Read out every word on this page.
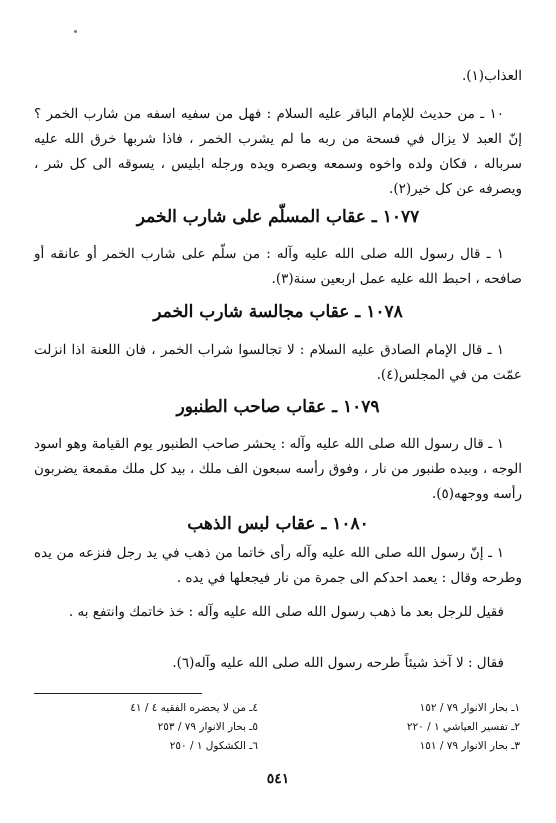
العذاب(١).
١٠ ـ من حديث للإمام الباقر عليه السلام : فهل من سفيه اسفه من شارب الخمر ؟ إنّ العبد لا يزال في فسحة من ربه ما لم يشرب الخمر ، فاذا شربها خرق الله عليه سرباله ، فكان ولده واخوه وسمعه وبصره ويده ورجله ابليس ، يسوقه الى كل شر ، ويصرفه عن كل خير(٢).
١٠٧٧ ـ عقاب المسلّم على شارب الخمر
١ ـ قال رسول الله صلى الله عليه وآله : من سلّم على شارب الخمر أو عانقه أو صافحه ، احبط الله عليه عمل اربعين سنة(٣).
١٠٧٨ ـ عقاب مجالسة شارب الخمر
١ ـ قال الإمام الصادق عليه السلام : لا تجالسوا شراب الخمر ، فان اللعنة اذا انزلت عمّت من في المجلس(٤).
١٠٧٩ ـ عقاب صاحب الطنبور
١ ـ قال رسول الله صلى الله عليه وآله : يحشر صاحب الطنبور يوم القيامة وهو اسود الوجه ، وبيده طنبور من نار ، وفوق رأسه سبعون الف ملك ، بيد كل ملك مقمعة يضربون رأسه ووجهه(٥).
١٠٨٠ ـ عقاب لبس الذهب
١ ـ إنّ رسول الله صلى الله عليه وآله رأى خاتما من ذهب في يد رجل فنزعه من يده وطرحه وقال : يعمد احدكم الى جمرة من نار فيجعلها في يده .
فقيل للرجل بعد ما ذهب رسول الله صلى الله عليه وآله : خذ خاتمك وانتفع به .
فقال : لا آخذ شيئاً طرحه رسول الله صلى الله عليه وآله(٦).
١ـ بحار الانوار ٧٩ / ١٥٢
٢ـ تفسير العياشي ١ / ٢٢٠
٣ـ بحار الانوار ٧٩ / ١٥١
٤ـ من لا يحضره الفقيه ٤ / ٤١
٥ـ بحار الانوار ٧٩ / ٢٥٣
٦ـ الكشكول ١ / ٢٥٠
٥٤١
